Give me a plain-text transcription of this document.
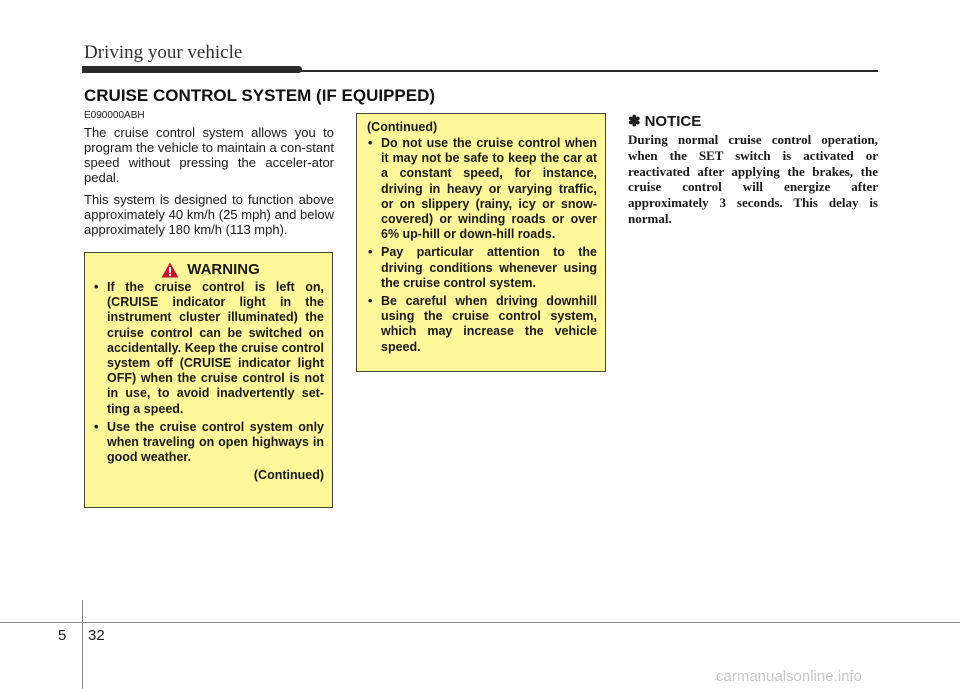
Driving your vehicle
CRUISE CONTROL SYSTEM (IF EQUIPPED)
E090000ABH

The cruise control system allows you to program the vehicle to maintain a con-stant speed without pressing the acceler-ator pedal.

This system is designed to function above approximately 40 km/h (25 mph) and below approximately 180 km/h (113 mph).

WARNING
• If the cruise control is left on, (CRUISE indicator light in the instrument cluster illuminated) the cruise control can be switched on accidentally. Keep the cruise control system off (CRUISE indicator light OFF) when the cruise control is not in use, to avoid inadvertently set-ting a speed.
• Use the cruise control system only when traveling on open highways in good weather.
(Continued)
(Continued)
• Do not use the cruise control when it may not be safe to keep the car at a constant speed, for instance, driving in heavy or varying traffic, or on slippery (rainy, icy or snow-covered) or winding roads or over 6% up-hill or down-hill roads.
• Pay particular attention to the driving conditions whenever using the cruise control system.
• Be careful when driving downhill using the cruise control system, which may increase the vehicle speed.
✽ NOTICE

During normal cruise control operation, when the SET switch is activated or reactivated after applying the brakes, the cruise control will energize after approximately 3 seconds. This delay is normal.

5 32
carmanualsonline.info
